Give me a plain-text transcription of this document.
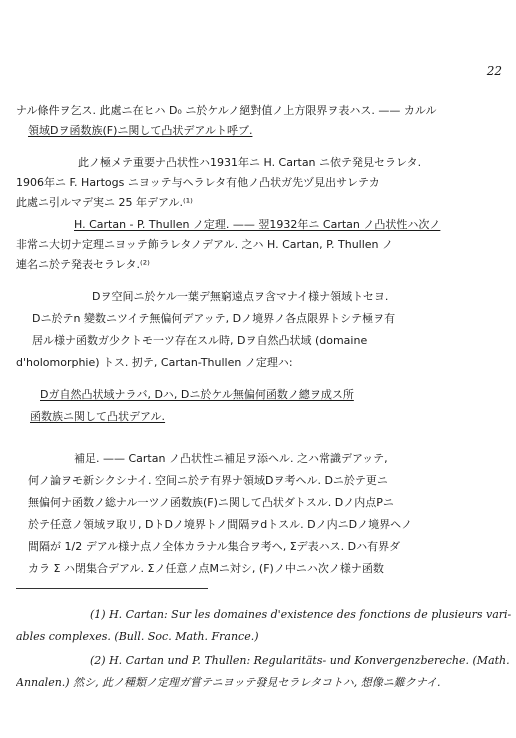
22
ナル條件ヲ乞ス. 此處ニ在ヒハ D₀ ニ於ケルノ絕對值ノ上方限界ヲ表ハス. —— カルル
領域Dヲ函数族(F)ニ関して凸状デアルト呼ブ.
此ノ極メテ重要ナ凸状性ハ1931年ニ H. Cartan ニ依テ発見セラレタ.
1906年ニ F. Hartogs ニヨッテ与ヘラレタ有他ノ凸状ガ先ヅ見出サレテカ
此處ニ引ルマデ実ニ 25 年デアル.⁽¹⁾
H. Cartan - P. Thullen ノ定理. —— 翌1932年ニ Cartan ノ凸状性ハ次ノ
非常ニ大切ナ定理ニヨッテ飾ラレタノデアル. 之ハ H. Cartan, P. Thullen ノ
連名ニ於テ発表セラレタ.⁽²⁾
Dヲ空间ニ於ケル一葉デ無窮遠点ヲ含マナイ様ナ領域トセヨ.
Dニ於テn 變数ニツイテ無偏何デアッテ, Dノ境界ノ各点限界トシテ極ヲ有
居ル様ナ函数ガ少クトモ一ツ存在スル時, Dヲ自然凸状域 (domaine
d'holomorphie) トス. 扨テ, Cartan-Thullen ノ定理ハ:
Dガ自然凸状域ナラバ, Dハ, Dニ於ケル無偏何函数ノ總ヲ成ス所
函数族ニ関して凸状デアル.
補足. —— Cartan ノ凸状性ニ補足ヲ添ヘル. 之ハ常識デアッテ,
何ノ論ヲモ新シクシナイ. 空间ニ於テ有界ナ領域Dヲ考ヘル. Dニ於テ更ニ
無偏何ナ函数ノ総ナル一ツノ函数族(F)ニ関して凸状ダトスル. Dノ内点Pニ
於テ任意ノ領域ヲ取リ, DトDノ境界トノ間隔ヲdトスル. Dノ内ニDノ境界ヘノ
間隔が 1/2 デアル様ナ点ノ全体カラナル集合ヲ考ヘ, Σデ表ハス. Dハ有界ダ
カラ Σ ハ閉集合デアル. Σノ任意ノ点Mニ対シ, (F)ノ中ニハ次ノ様ナ函数
(1) H. Cartan: Sur les domaines d'existence des fonctions de plusieurs vari-
ables complexes. (Bull. Soc. Math. France.)
(2) H. Cartan und P. Thullen: Regularitäts- und Konvergenzbereche. (Math.
Annalen.) 然シ, 此ノ種類ノ定理ガ嘗テニヨッテ發見セラレタコトハ, 想像ニ難クナイ.
